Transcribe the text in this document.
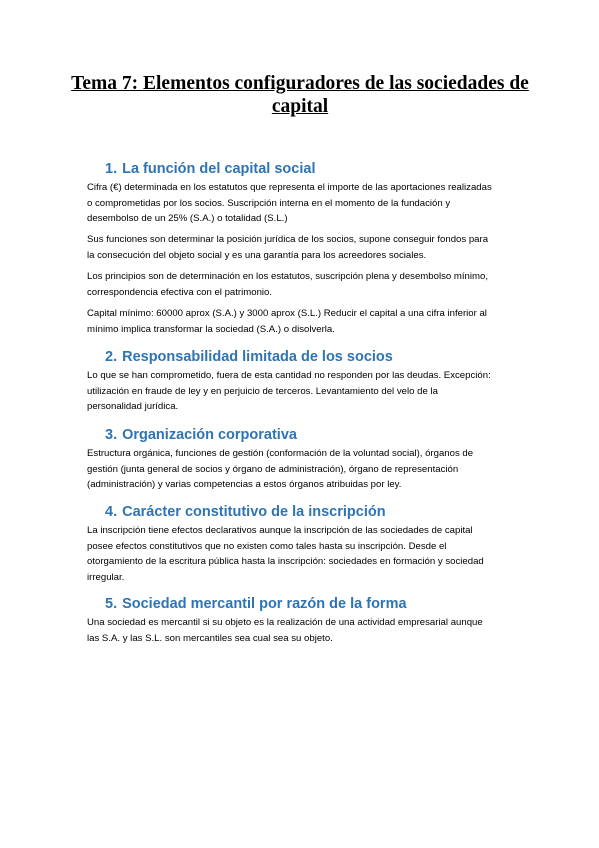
Tema 7: Elementos configuradores de las sociedades de
capital
1. La función del capital social

Cifra (€) determinada en los estatutos que representa el importe de las aportaciones realizadas
o comprometidas por los socios. Suscripción interna en el momento de la fundación y
desembolso de un 25% (S.A.) o totalidad (S.L.)

Sus funciones son determinar la posición jurídica de los socios, supone conseguir fondos para
la consecución del objeto social y es una garantía para los acreedores sociales.

Los principios son de determinación en los estatutos, suscripción plena y desembolso mínimo,
correspondencia efectiva con el patrimonio.

Capital mínimo: 60000 aprox (S.A.) y 3000 aprox (S.L.) Reducir el capital a una cifra inferior al
mínimo implica transformar la sociedad (S.A.) o disolverla.

2. Responsabilidad limitada de los socios

Lo que se han comprometido, fuera de esta cantidad no responden por las deudas. Excepción:
utilización en fraude de ley y en perjuicio de terceros. Levantamiento del velo de la
personalidad jurídica.

3. Organización corporativa

Estructura orgánica, funciones de gestión (conformación de la voluntad social), órganos de
gestión (junta general de socios y órgano de administración), órgano de representación
(administración) y varias competencias a estos órganos atribuidas por ley.

4. Carácter constitutivo de la inscripción

La inscripción tiene efectos declarativos aunque la inscripción de las sociedades de capital
posee efectos constitutivos que no existen como tales hasta su inscripción. Desde el
otorgamiento de la escritura pública hasta la inscripción: sociedades en formación y sociedad
irregular.

5. Sociedad mercantil por razón de la forma

Una sociedad es mercantil si su objeto es la realización de una actividad empresarial aunque
las S.A. y las S.L. son mercantiles sea cual sea su objeto.
